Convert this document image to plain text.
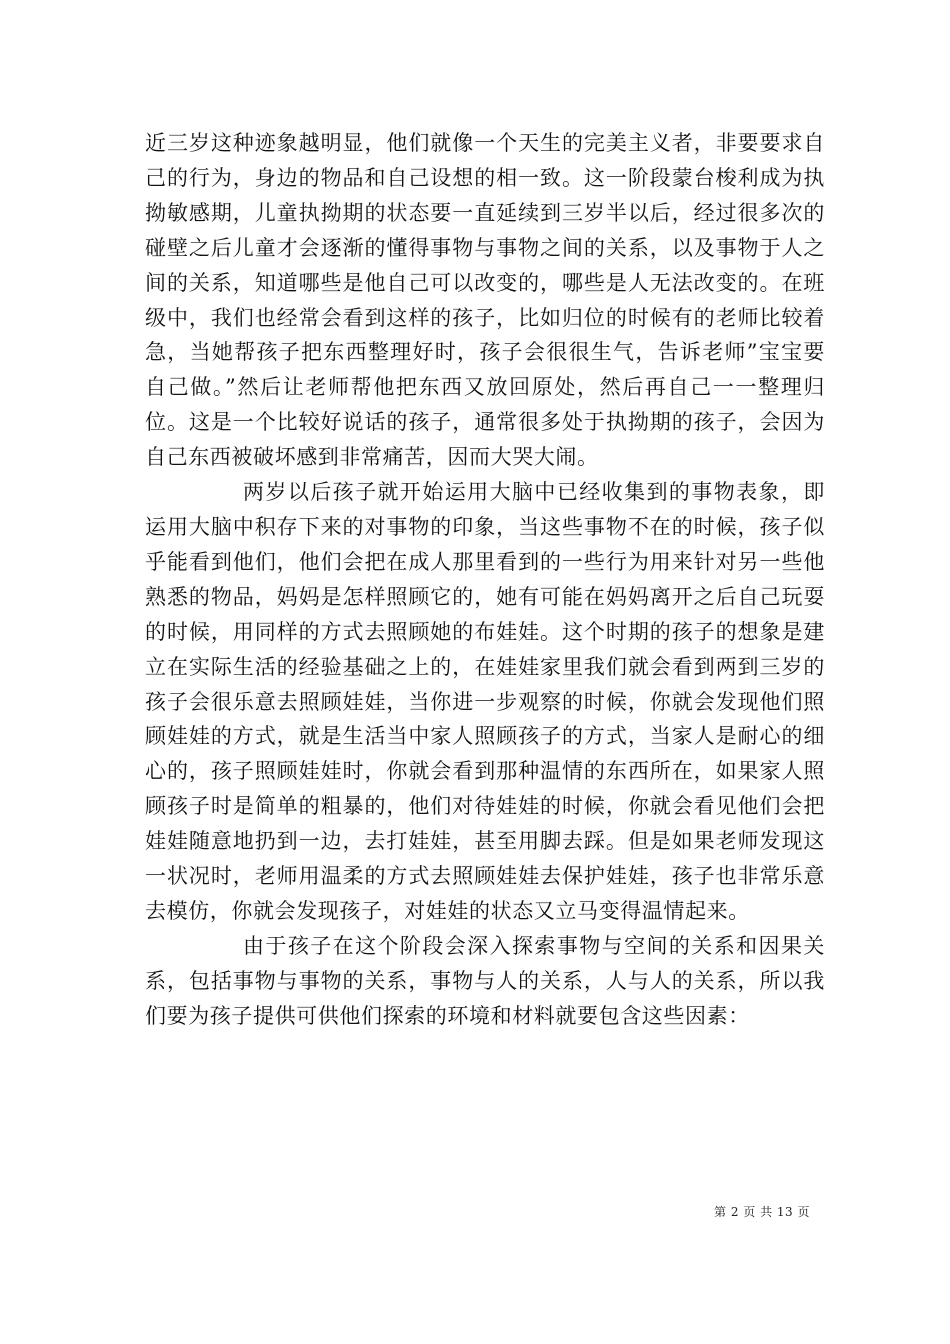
近三岁这种迹象越明显，他们就像一个天生的完美主义者，非要要求自己的行为，身边的物品和自己设想的相一致。这一阶段蒙台梭利成为执拗敏感期，儿童执拗期的状态要一直延续到三岁半以后，经过很多次的碰壁之后儿童才会逐渐的懂得事物与事物之间的关系，以及事物于人之间的关系，知道哪些是他自己可以改变的，哪些是人无法改变的。在班级中，我们也经常会看到这样的孩子，比如归位的时候有的老师比较着急，当她帮孩子把东西整理好时，孩子会很很生气，告诉老师”宝宝要自己做。”然后让老师帮他把东西又放回原处，然后再自己一一整理归位。这是一个比较好说话的孩子，通常很多处于执拗期的孩子，会因为自己东西被破坏感到非常痛苦，因而大哭大闹。

两岁以后孩子就开始运用大脑中已经收集到的事物表象，即运用大脑中积存下来的对事物的印象，当这些事物不在的时候，孩子似乎能看到他们，他们会把在成人那里看到的一些行为用来针对另一些他熟悉的物品，妈妈是怎样照顾它的，她有可能在妈妈离开之后自己玩耍的时候，用同样的方式去照顾她的布娃娃。这个时期的孩子的想象是建立在实际生活的经验基础之上的，在娃娃家里我们就会看到两到三岁的孩子会很乐意去照顾娃娃，当你进一步观察的时候，你就会发现他们照顾娃娃的方式，就是生活当中家人照顾孩子的方式，当家人是耐心的细心的，孩子照顾娃娃时，你就会看到那种温情的东西所在，如果家人照顾孩子时是简单的粗暴的，他们对待娃娃的时候，你就会看见他们会把娃娃随意地扔到一边，去打娃娃，甚至用脚去踩。但是如果老师发现这一状况时，老师用温柔的方式去照顾娃娃去保护娃娃，孩子也非常乐意去模仿，你就会发现孩子，对娃娃的状态又立马变得温情起来。

由于孩子在这个阶段会深入探索事物与空间的关系和因果关系，包括事物与事物的关系，事物与人的关系，人与人的关系，所以我们要为孩子提供可供他们探索的环境和材料就要包含这些因素：

第 2 页 共 13 页
